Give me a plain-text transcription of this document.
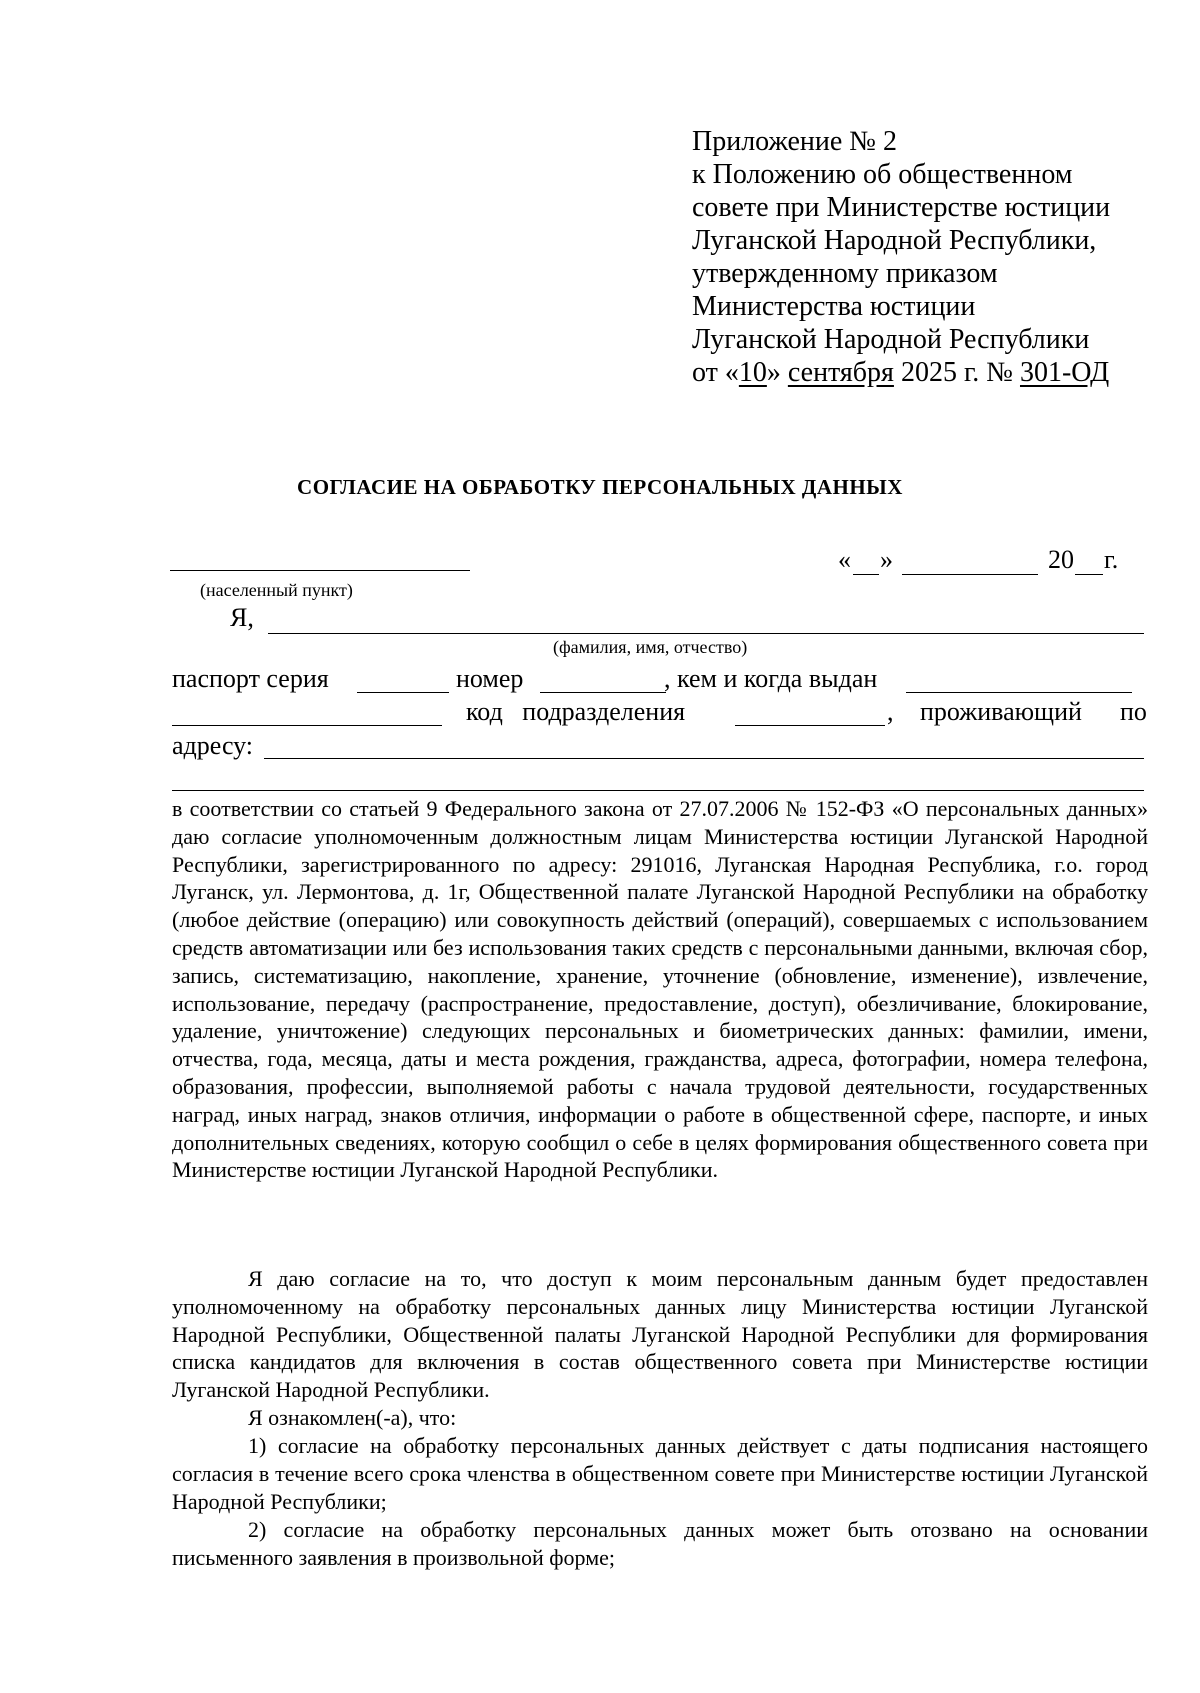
Приложение № 2
к Положению об общественном
совете при Министерстве юстиции
Луганской Народной Республики,
утвержденному приказом
Министерства юстиции
Луганской Народной Республики
от «10» сентября 2025 г. № 301-ОД
СОГЛАСИЕ НА ОБРАБОТКУ ПЕРСОНАЛЬНЫХ ДАННЫХ
(населенный пункт)
« »	20 г.
Я,
(фамилия, имя, отчество)
паспорт серия	номер	, кем и когда выдан
код   подразделения	, проживающий по
адресу:
в соответствии со статьей 9 Федерального закона от 27.07.2006 № 152-ФЗ «О персональных данных» даю согласие уполномоченным должностным лицам Министерства юстиции Луганской Народной Республики, зарегистрированного по адресу: 291016, Луганская Народная Республика, г.о. город Луганск, ул. Лермонтова, д. 1г, Общественной палате Луганской Народной Республики на обработку (любое действие (операцию) или совокупность действий (операций), совершаемых с использованием средств автоматизации или без использования таких средств с персональными данными, включая сбор, запись, систематизацию, накопление, хранение, уточнение (обновление, изменение), извлечение, использование, передачу (распространение, предоставление, доступ), обезличивание, блокирование, удаление, уничтожение) следующих персональных и биометрических данных: фамилии, имени, отчества, года, месяца, даты и места рождения, гражданства, адреса, фотографии, номера телефона, образования, профессии, выполняемой работы с начала трудовой деятельности, государственных наград, иных наград, знаков отличия, информации о работе в общественной сфере, паспорте, и иных дополнительных сведениях, которую сообщил о себе в целях формирования общественного совета при Министерстве юстиции Луганской Народной Республики.
Я даю согласие на то, что доступ к моим персональным данным будет предоставлен уполномоченному на обработку персональных данных лицу Министерства юстиции Луганской Народной Республики, Общественной палаты Луганской Народной Республики для формирования списка кандидатов для включения в состав общественного совета при Министерстве юстиции Луганской Народной Республики.
Я ознакомлен(-а), что:
1) согласие на обработку персональных данных действует с даты подписания настоящего согласия в течение всего срока членства в общественном совете при Министерстве юстиции Луганской Народной Республики;
2) согласие на обработку персональных данных может быть отозвано на основании письменного заявления в произвольной форме;
